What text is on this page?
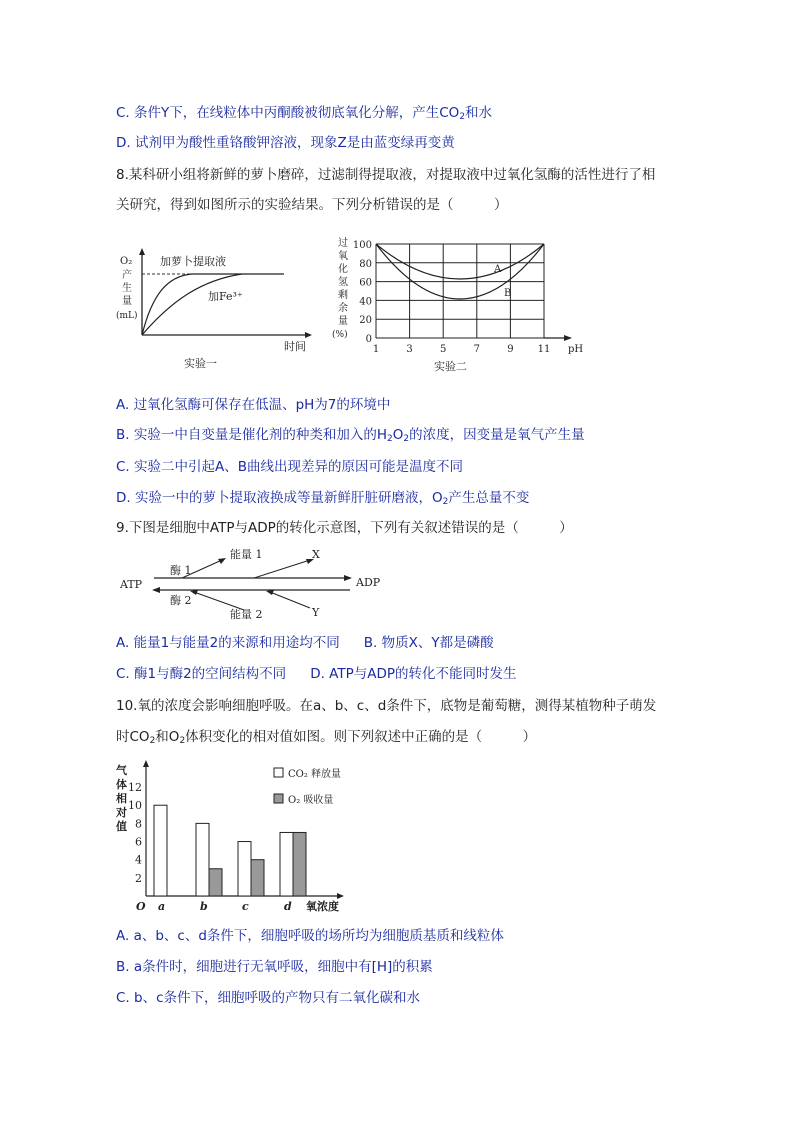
C. 条件Y下，在线粒体中丙酮酸被彻底氧化分解，产生$CO_2$和水
D. 试剂甲为酸性重铬酸钾溶液，现象Z是由蓝变绿再变黄
8.某科研小组将新鲜的萝卜磨碎，过滤制得提取液，对提取液中过氧化氢酶的活性进行了相
关研究，得到如图所示的实验结果。下列分析错误的是（　　　）
O₂
产
生
量
(mL)
加萝卜提取液
加Fe³⁺
时间
实验一
过
氧
化
氢
剩
余
量
(%)
100
80
60
40
20
0
1	3	5	7	9 11
A
B
pH
实验二
A. 过氧化氢酶可保存在低温、pH为7的环境中
B. 实验一中自变量是催化剂的种类和加入的$H_2O_2$的浓度，因变量是氧气产生量
C. 实验二中引起A、B曲线出现差异的原因可能是温度不同
D. 实验一中的萝卜提取液换成等量新鲜肝脏研磨液，$O_2$产生总量不变
9.下图是细胞中ATP与ADP的转化示意图，下列有关叙述错误的是（　　　）
能量 1	X
酶 1
ATP	ADP
酶 2
能量 2	Y
A. 能量1与能量2的来源和用途均不同 B. 物质X、Y都是磷酸
C. 酶1与酶2的空间结构不同 D. ATP与ADP的转化不能同时发生
10.氧的浓度会影响细胞呼吸。在a、b、c、d条件下，底物是葡萄糖，测得某植物种子萌发
时$CO_2$和$O_2$体积变化的相对值如图。则下列叙述中正确的是（　　　）
气
体
相
对
值
12
10
8
6
4
2
a	b	c	d
O	氧浓度
CO₂ 释放量
O₂ 吸收量
A. a、b、c、d条件下，细胞呼吸的场所均为细胞质基质和线粒体
B. a条件时，细胞进行无氧呼吸，细胞中有[H]的积累
C. b、c条件下，细胞呼吸的产物只有二氧化碳和水
